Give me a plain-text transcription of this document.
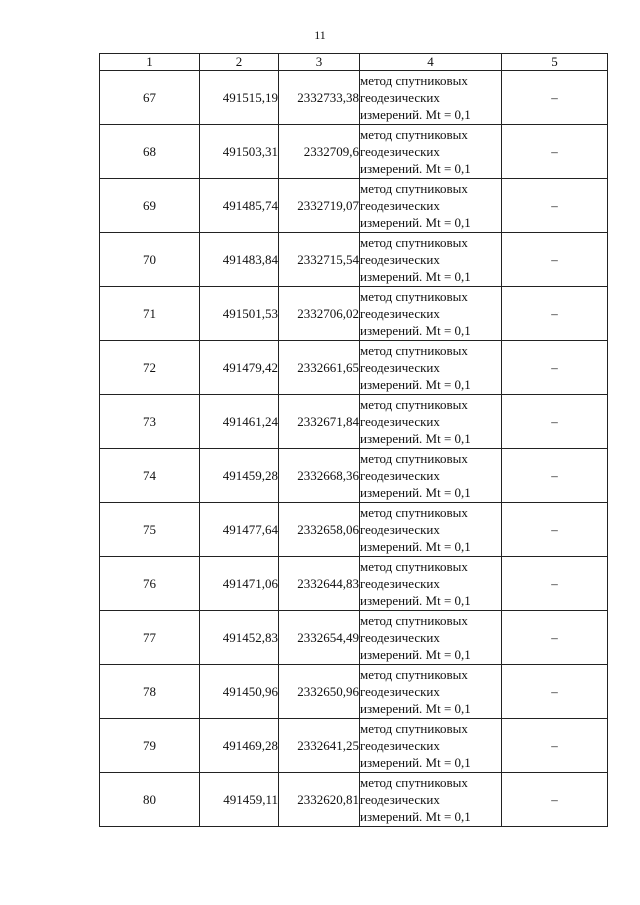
11
1	2	3	4	5
67	491515,19	2332733,38	метод спутниковых
геодезических
измерений. Mt = 0,1	–
68	491503,31	2332709,6	метод спутниковых
геодезических
измерений. Mt = 0,1	–
69	491485,74	2332719,07	метод спутниковых
геодезических
измерений. Mt = 0,1	–
70	491483,84	2332715,54	метод спутниковых
геодезических
измерений. Mt = 0,1	–
71	491501,53	2332706,02	метод спутниковых
геодезических
измерений. Mt = 0,1	–
72	491479,42	2332661,65	метод спутниковых
геодезических
измерений. Mt = 0,1	–
73	491461,24	2332671,84	метод спутниковых
геодезических
измерений. Mt = 0,1	–
74	491459,28	2332668,36	метод спутниковых
геодезических
измерений. Mt = 0,1	–
75	491477,64	2332658,06	метод спутниковых
геодезических
измерений. Mt = 0,1	–
76	491471,06	2332644,83	метод спутниковых
геодезических
измерений. Mt = 0,1	–
77	491452,83	2332654,49	метод спутниковых
геодезических
измерений. Mt = 0,1	–
78	491450,96	2332650,96	метод спутниковых
геодезических
измерений. Mt = 0,1	–
79	491469,28	2332641,25	метод спутниковых
геодезических
измерений. Mt = 0,1	–
80	491459,11	2332620,81	метод спутниковых
геодезических
измерений. Mt = 0,1	–
